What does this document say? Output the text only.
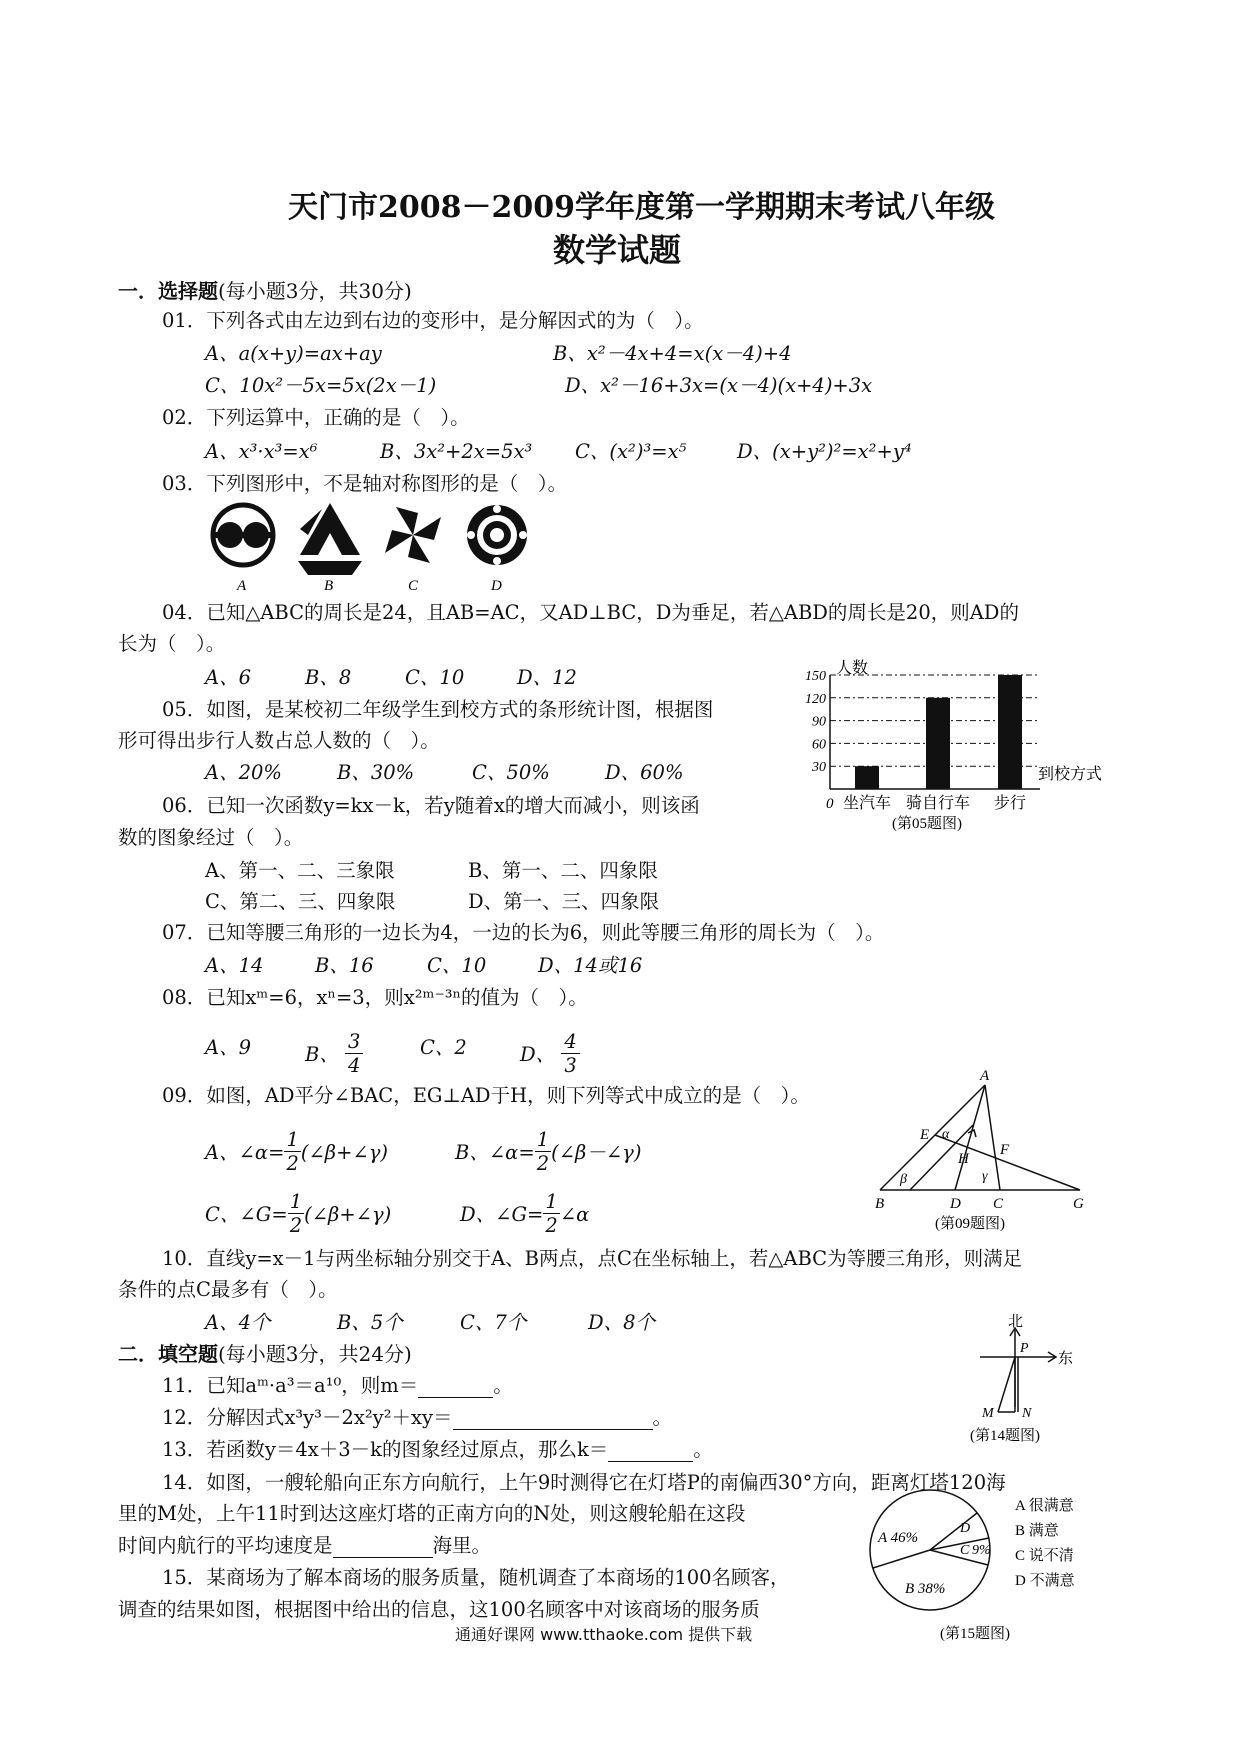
天门市2008－2009学年度第一学期期末考试八年级
数学试题
一．选择题(每小题3分，共30分)
01．下列各式由左边到右边的变形中，是分解因式的为（　）。
A、a(x+y)=ax+ay	B、x²－4x+4=x(x－4)+4
C、10x²－5x=5x(2x－1)	D、x²－16+3x=(x－4)(x+4)+3x
02．下列运算中，正确的是（　）。
A、x³·x³=x⁶	B、3x²+2x=5x³ C、(x²)³=x⁵	D、(x+y²)²=x²+y⁴
03．下列图形中，不是轴对称图形的是（　）。
A	B	C	D
04．已知△ABC的周长是24，且AB=AC，又AD⊥BC，D为垂足，若△ABD的周长是20，则AD的
长为（　）。
A、6	B、8	C、10	D、12
05．如图，是某校初二年级学生到校方式的条形统计图，根据图
形可得出步行人数占总人数的（　）。
A、20%	B、30%	C、50%	D、60%	30
60
90
120
150
坐汽车 骑自行车 步行
人数
到校方式
0
(第05题图)
06．已知一次函数y=kx－k，若y随着x的增大而减小，则该函
数的图象经过（　）。
A、第一、二、三象限	B、第一、二、四象限
C、第二、三、四象限	D、第一、三、四象限
07．已知等腰三角形的一边长为4，一边的长为6，则此等腰三角形的周长为（　）。
A、14	B、16	C、10	D、14或16
08．已知xᵐ=6，xⁿ=3，则x²ᵐ⁻³ⁿ的值为（　）。
A、9	B、 $\frac{3}{4}$	C、2	D、 $\frac{4}{3}$
09．如图，AD平分∠BAC，EG⊥AD于H，则下列等式中成立的是（　）。
A、∠α= $\frac{1}{2}$ (∠β+∠γ)	B、∠α= $\frac{1}{2}$ (∠β－∠γ)
C、∠G= $\frac{1}{2}$ (∠β+∠γ)	D、∠G= $\frac{1}{2}$ ∠α
A
E
H
F
B	D C	G
α
β	γ
(第09题图)
10．直线y=x－1与两坐标轴分别交于A、B两点，点C在坐标轴上，若△ABC为等腰三角形，则满足
条件的点C最多有（　）。
A、4个	B、5个	C、7个	D、8个
二．填空题(每小题3分，共24分)
11．已知aᵐ·a³＝a¹⁰，则m＝	。
12．分解因式x³y³－2x²y²＋xy＝	。
13．若函数y＝4x＋3－k的图象经过原点，那么k＝	。
北
东
P
M N
(第14题图)
14．如图，一艘轮船向正东方向航行，上午9时测得它在灯塔P的南偏西30°方向，距离灯塔120海
里的M处，上午11时到达这座灯塔的正南方向的N处，则这艘轮船在这段
时间内航行的平均速度是	海里。
15．某商场为了解本商场的服务质量，随机调查了本商场的100名顾客，
调查的结果如图，根据图中给出的信息，这100名顾客中对该商场的服务质
A 46%
B 38%
D
C 9%
A 很满意
B 满意
C 说不清
D 不满意
(第15题图)
通通好课网 www.tthaoke.com 提供下载
